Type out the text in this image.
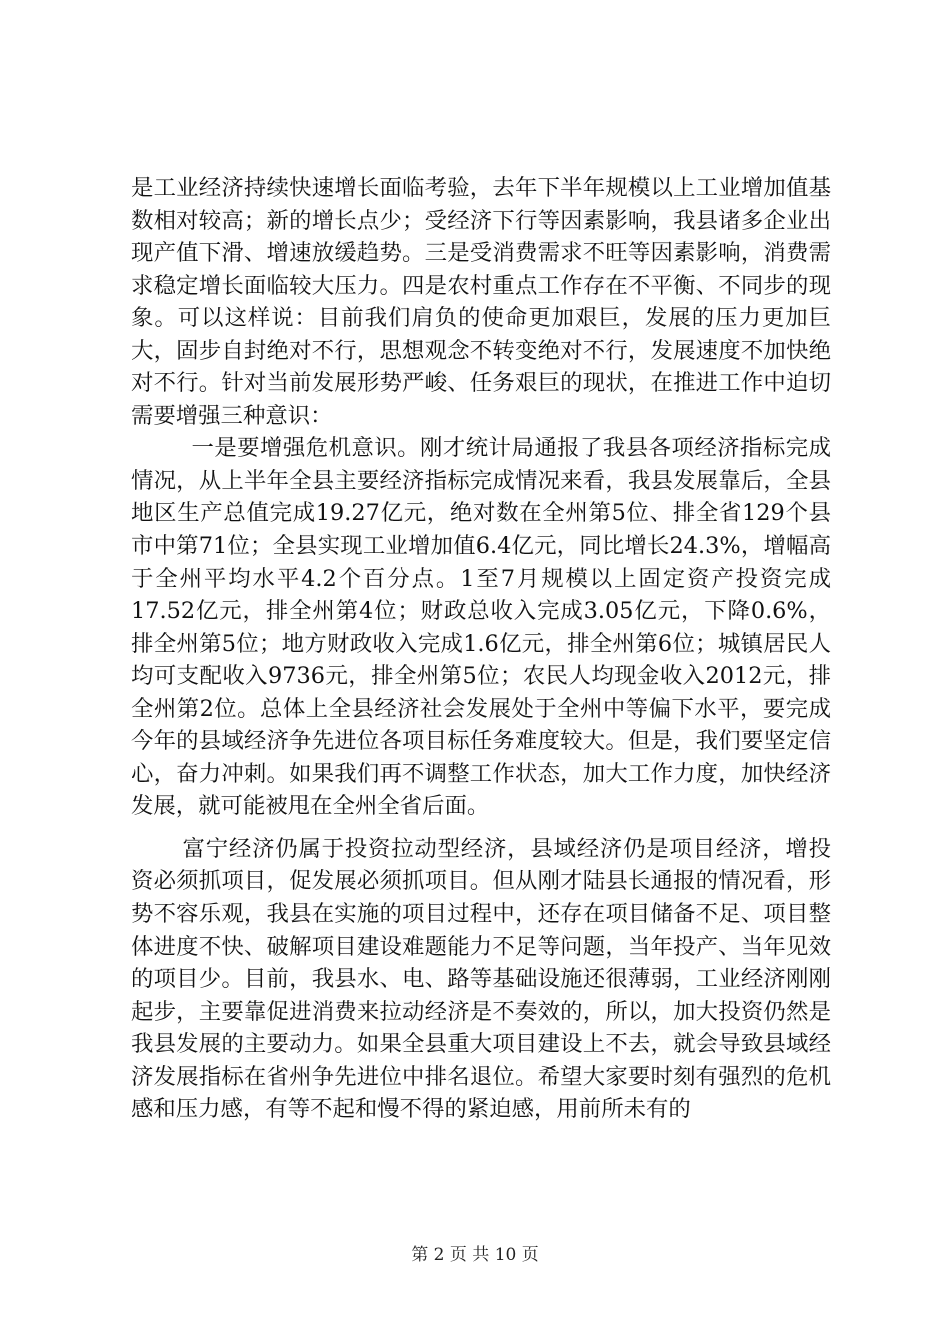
是工业经济持续快速增长面临考验，去年下半年规模以上工业增加值基数相对较高；新的增长点少；受经济下行等因素影响，我县诸多企业出现产值下滑、增速放缓趋势。三是受消费需求不旺等因素影响，消费需求稳定增长面临较大压力。四是农村重点工作存在不平衡、不同步的现象。可以这样说：目前我们肩负的使命更加艰巨，发展的压力更加巨大，固步自封绝对不行，思想观念不转变绝对不行，发展速度不加快绝对不行。针对当前发展形势严峻、任务艰巨的现状，在推进工作中迫切需要增强三种意识：

一是要增强危机意识。刚才统计局通报了我县各项经济指标完成情况，从上半年全县主要经济指标完成情况来看，我县发展靠后，全县地区生产总值完成19.27亿元，绝对数在全州第5位、排全省129个县市中第71位；全县实现工业增加值6.4亿元，同比增长24.3%，增幅高于全州平均水平4.2个百分点。1至7月规模以上固定资产投资完成17.52亿元，排全州第4位；财政总收入完成3.05亿元，下降0.6%，排全州第5位；地方财政收入完成1.6亿元，排全州第6位；城镇居民人均可支配收入9736元，排全州第5位；农民人均现金收入2012元，排全州第2位。总体上全县经济社会发展处于全州中等偏下水平，要完成今年的县域经济争先进位各项目标任务难度较大。但是，我们要坚定信心，奋力冲刺。如果我们再不调整工作状态，加大工作力度，加快经济发展，就可能被甩在全州全省后面。

富宁经济仍属于投资拉动型经济，县域经济仍是项目经济，增投资必须抓项目，促发展必须抓项目。但从刚才陆县长通报的情况看，形势不容乐观，我县在实施的项目过程中，还存在项目储备不足、项目整体进度不快、破解项目建设难题能力不足等问题，当年投产、当年见效的项目少。目前，我县水、电、路等基础设施还很薄弱，工业经济刚刚起步，主要靠促进消费来拉动经济是不奏效的，所以，加大投资仍然是我县发展的主要动力。如果全县重大项目建设上不去，就会导致县域经济发展指标在省州争先进位中排名退位。希望大家要时刻有强烈的危机感和压力感，有等不起和慢不得的紧迫感，用前所未有的

第 2 页 共 10 页
